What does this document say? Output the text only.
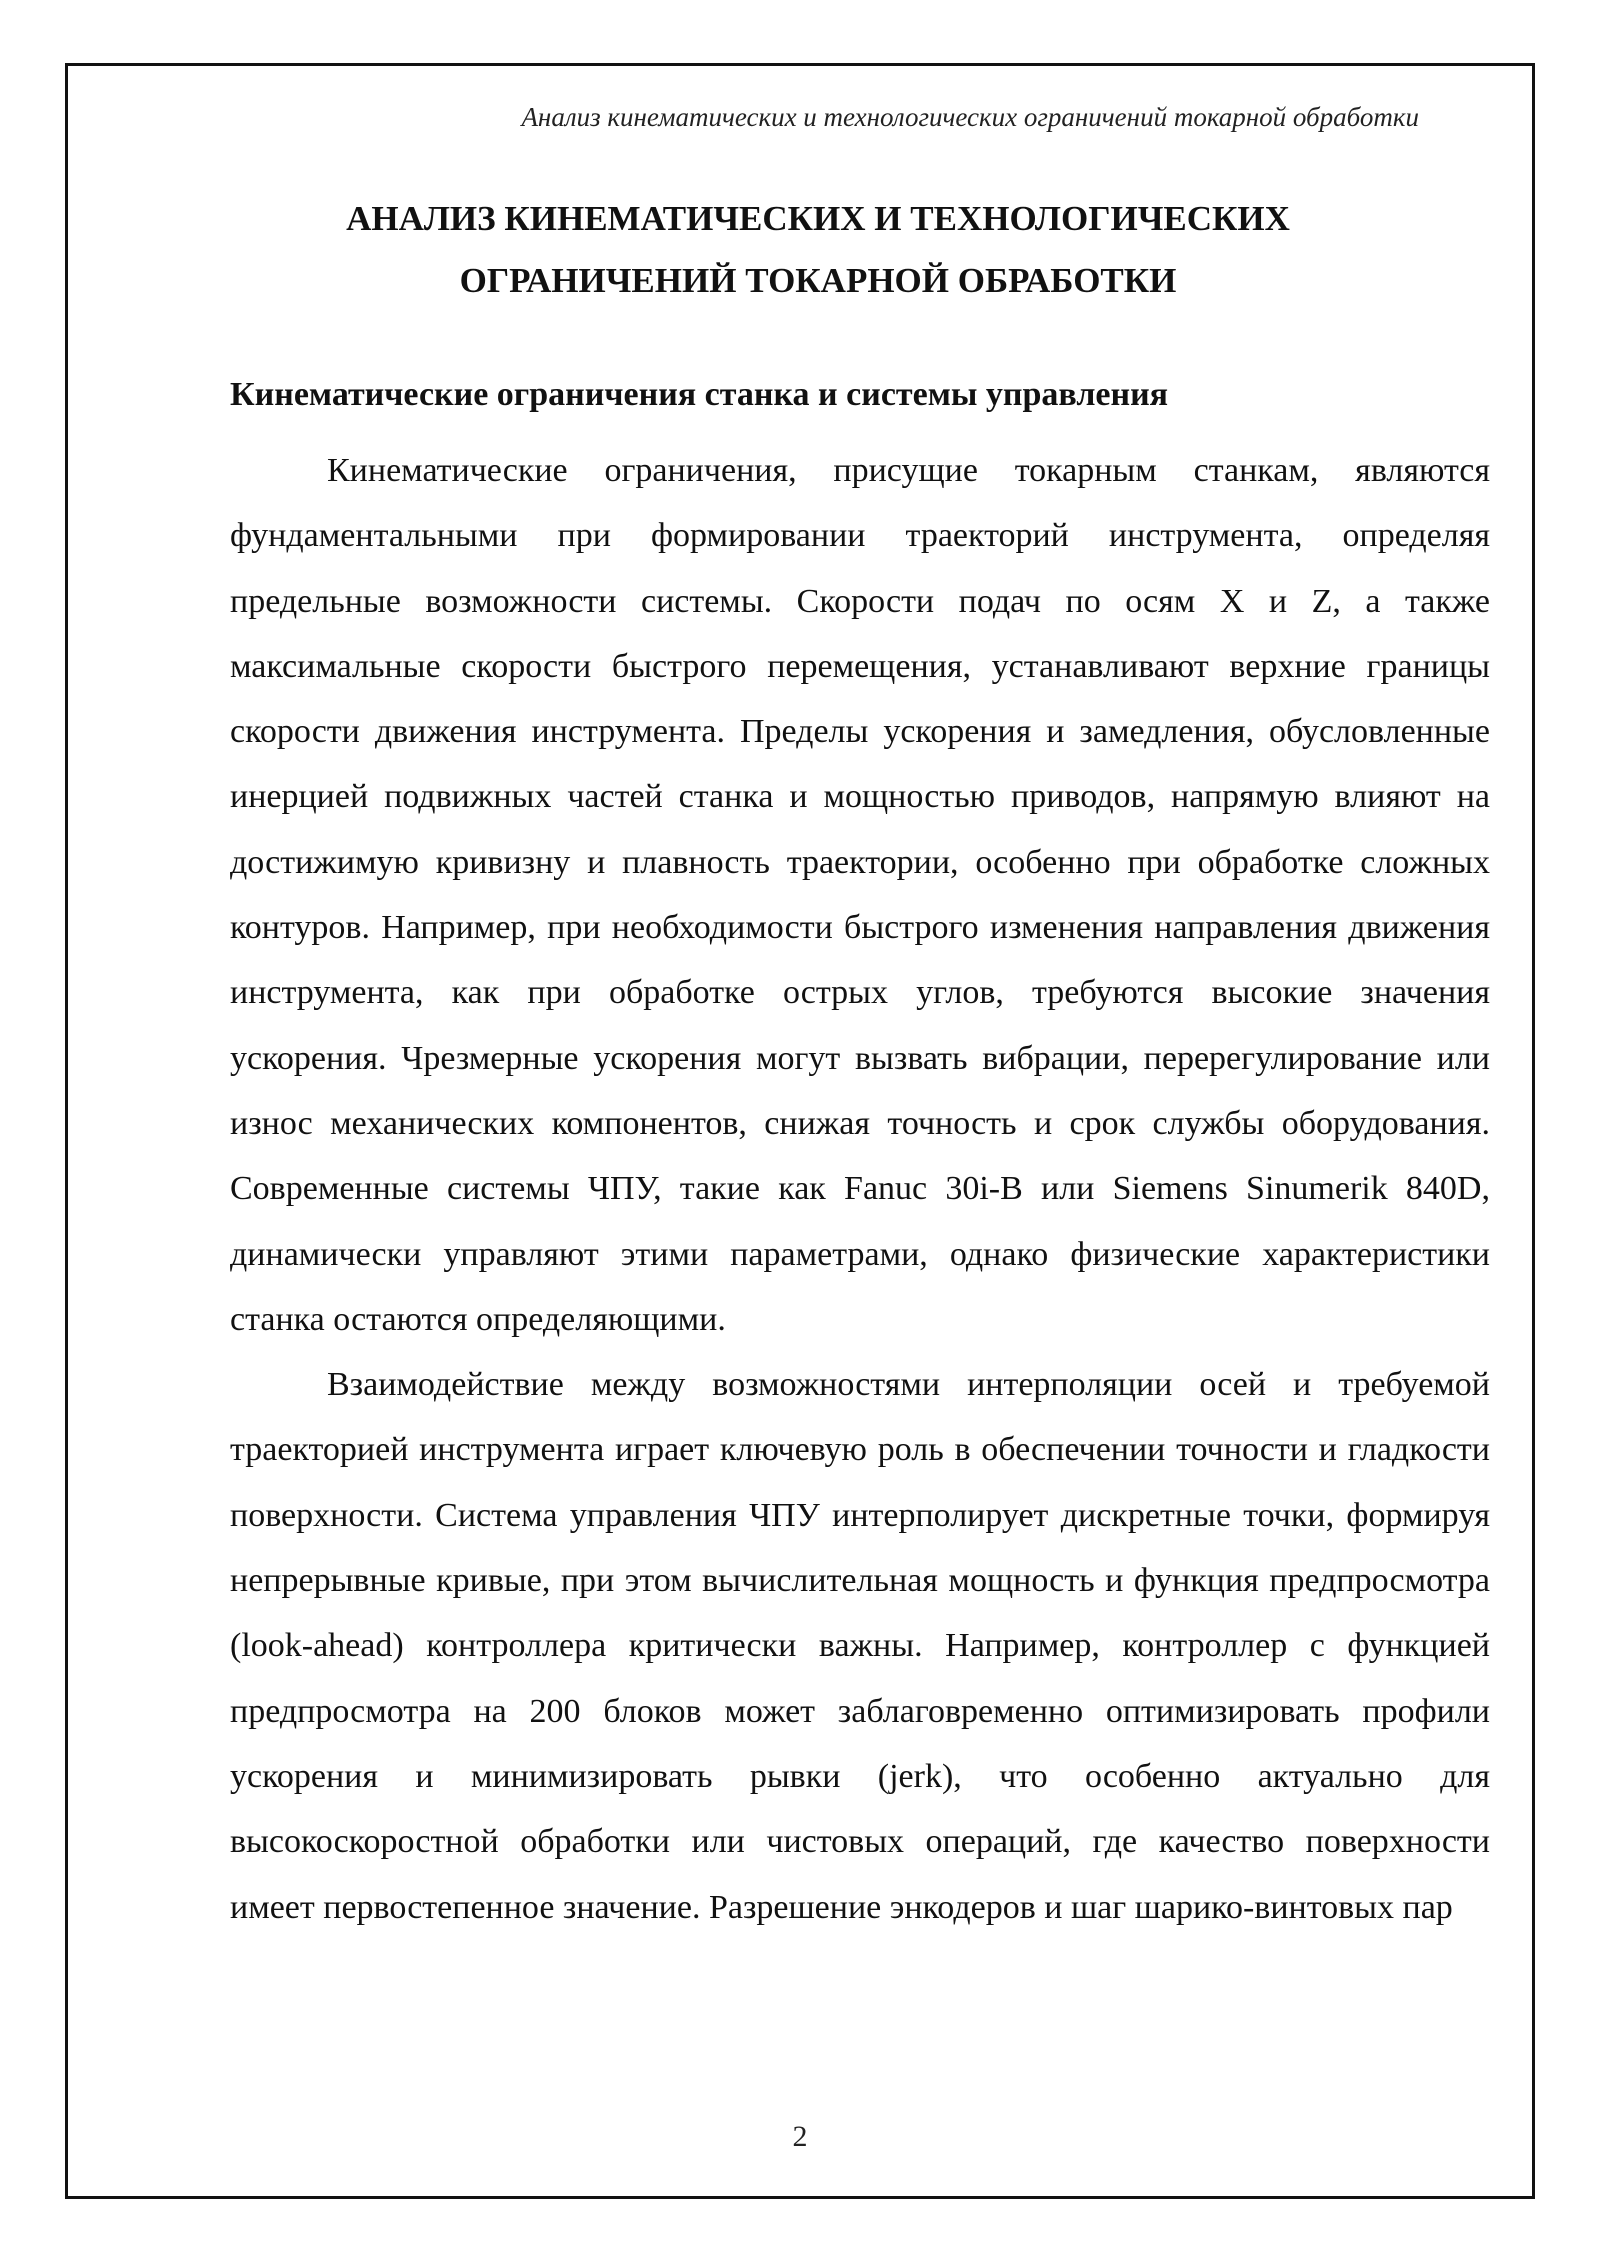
Анализ кинематических и технологических ограничений токарной обработки
АНАЛИЗ КИНЕМАТИЧЕСКИХ И ТЕХНОЛОГИЧЕСКИХ
ОГРАНИЧЕНИЙ ТОКАРНОЙ ОБРАБОТКИ
Кинематические ограничения станка и системы управления

Кинематические ограничения, присущие токарным станкам, являются фундаментальными при формировании траекторий инструмента, определяя предельные возможности системы. Скорости подач по осям X и Z, а также максимальные скорости быстрого перемещения, устанавливают верхние границы скорости движения инструмента. Пределы ускорения и замедления, обусловленные инерцией подвижных частей станка и мощностью приводов, напрямую влияют на достижимую кривизну и плавность траектории, особенно при обработке сложных контуров. Например, при необходимости быстрого изменения направления движения инструмента, как при обработке острых углов, требуются высокие значения ускорения. Чрезмерные ускорения могут вызвать вибрации, перерегулирование или износ механических компонентов, снижая точность и срок службы оборудования. Современные системы ЧПУ, такие как Fanuc 30i-B или Siemens Sinumerik 840D, динамически управляют этими параметрами, однако физические характеристики станка остаются определяющими.

Взаимодействие между возможностями интерполяции осей и требуемой траекторией инструмента играет ключевую роль в обеспечении точности и гладкости поверхности. Система управления ЧПУ интерполирует дискретные точки, формируя непрерывные кривые, при этом вычислительная мощность и функция предпросмотра (look-ahead) контроллера критически важны. Например, контроллер с функцией предпросмотра на 200 блоков может заблаговременно оптимизировать профили ускорения и минимизировать рывки (jerk), что особенно актуально для высокоскоростной обработки или чистовых операций, где качество поверхности имеет первостепенное значение. Разрешение энкодеров и шаг шарико-винтовых пар

2
